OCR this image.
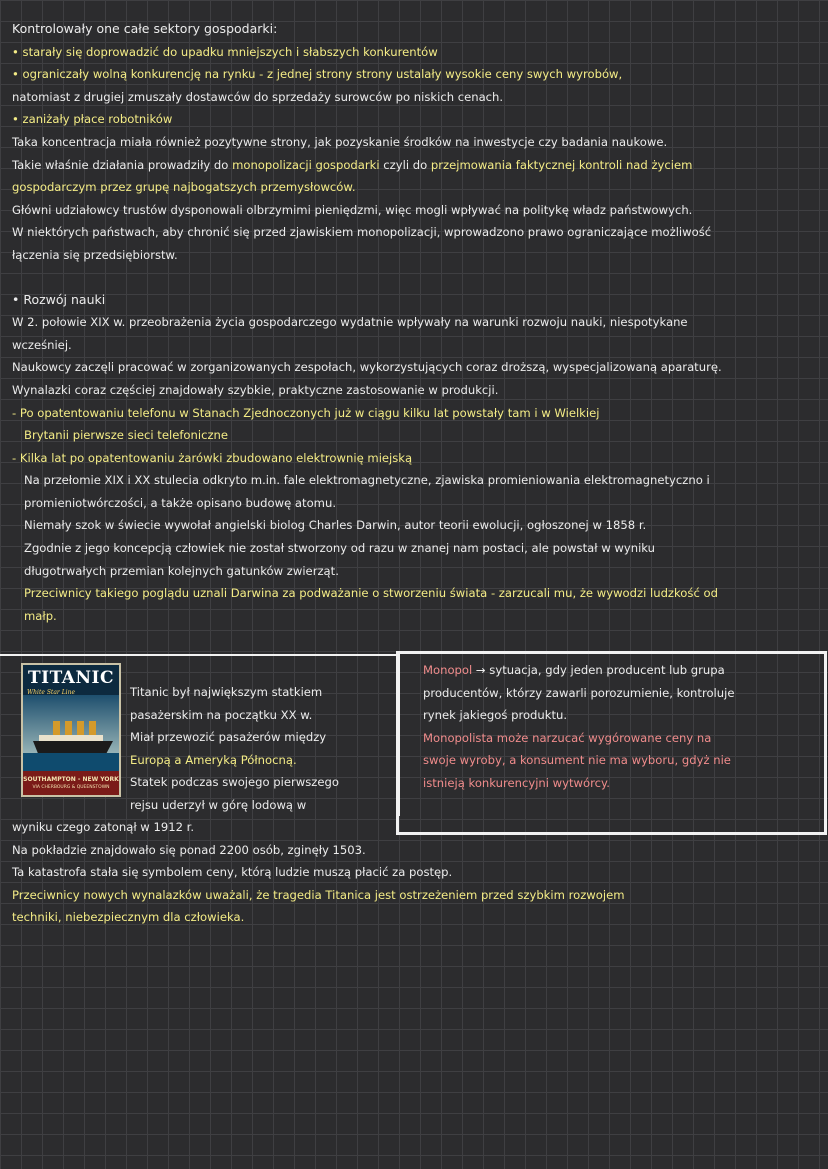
Kontrolowały one całe sektory gospodarki:
• starały się doprowadzić do upadku mniejszych i słabszych konkurentów
• ograniczały wolną konkurencję na rynku - z jednej strony strony ustalały wysokie ceny swych wyrobów,
natomiast z drugiej zmuszały dostawców do sprzedaży surowców po niskich cenach.
• zaniżały płace robotników
Taka koncentracja miała również pozytywne strony, jak pozyskanie środków na inwestycje czy badania naukowe.
Takie właśnie działania prowadziły do monopolizacji gospodarki czyli do przejmowania faktycznej kontroli nad życiem
gospodarczym przez grupę najbogatszych przemysłowców.
Główni udziałowcy trustów dysponowali olbrzymimi pieniędzmi, więc mogli wpływać na politykę władz państwowych.
W niektórych państwach, aby chronić się przed zjawiskiem monopolizacji, wprowadzono prawo ograniczające możliwość
łączenia się przedsiębiorstw.
• Rozwój nauki
W 2. połowie XIX w. przeobrażenia życia gospodarczego wydatnie wpływały na warunki rozwoju nauki, niespotykane
wcześniej.
Naukowcy zaczęli pracować w zorganizowanych zespołach, wykorzystujących coraz droższą, wyspecjalizowaną aparaturę.
Wynalazki coraz częściej znajdowały szybkie, praktyczne zastosowanie w produkcji.
- Po opatentowaniu telefonu w Stanach Zjednoczonych już w ciągu kilku lat powstały tam i w Wielkiej
Brytanii pierwsze sieci telefoniczne
- Kilka lat po opatentowaniu żarówki zbudowano elektrownię miejską
Na przełomie XIX i XX stulecia odkryto m.in. fale elektromagnetyczne, zjawiska promieniowania elektromagnetyczno i
promieniotwórczości, a także opisano budowę atomu.
Niemały szok w świecie wywołał angielski biolog Charles Darwin, autor teorii ewolucji, ogłoszonej w 1858 r.
Zgodnie z jego koncepcją człowiek nie został stworzony od razu w znanej nam postaci, ale powstał w wyniku
długotrwałych przemian kolejnych gatunków zwierząt.
Przeciwnicy takiego poglądu uznali Darwina za podważanie o stworzeniu świata - zarzucali mu, że wywodzi ludzkość od
małp.
TITANIC
White Star Line
SOUTHAMPTON - NEW YORK
VIA CHERBOURG & QUEENSTOWN
Titanic był największym statkiem
pasażerskim na początku XX w.
Miał przewozić pasażerów między
Europą a Ameryką Północną.
Statek podczas swojego pierwszego
rejsu uderzył w górę lodową w
wyniku czego zatonął w 1912 r.
Na pokładzie znajdowało się ponad 2200 osób, zginęły 1503.
Ta katastrofa stała się symbolem ceny, którą ludzie muszą płacić za postęp.
Przeciwnicy nowych wynalazków uważali, że tragedia Titanica jest ostrzeżeniem przed szybkim rozwojem
techniki, niebezpiecznym dla człowieka.
Monopol → sytuacja, gdy jeden producent lub grupa
producentów, którzy zawarli porozumienie, kontroluje
rynek jakiegoś produktu.
Monopolista może narzucać wygórowane ceny na
swoje wyroby, a konsument nie ma wyboru, gdyż nie
istnieją konkurencyjni wytwórcy.
